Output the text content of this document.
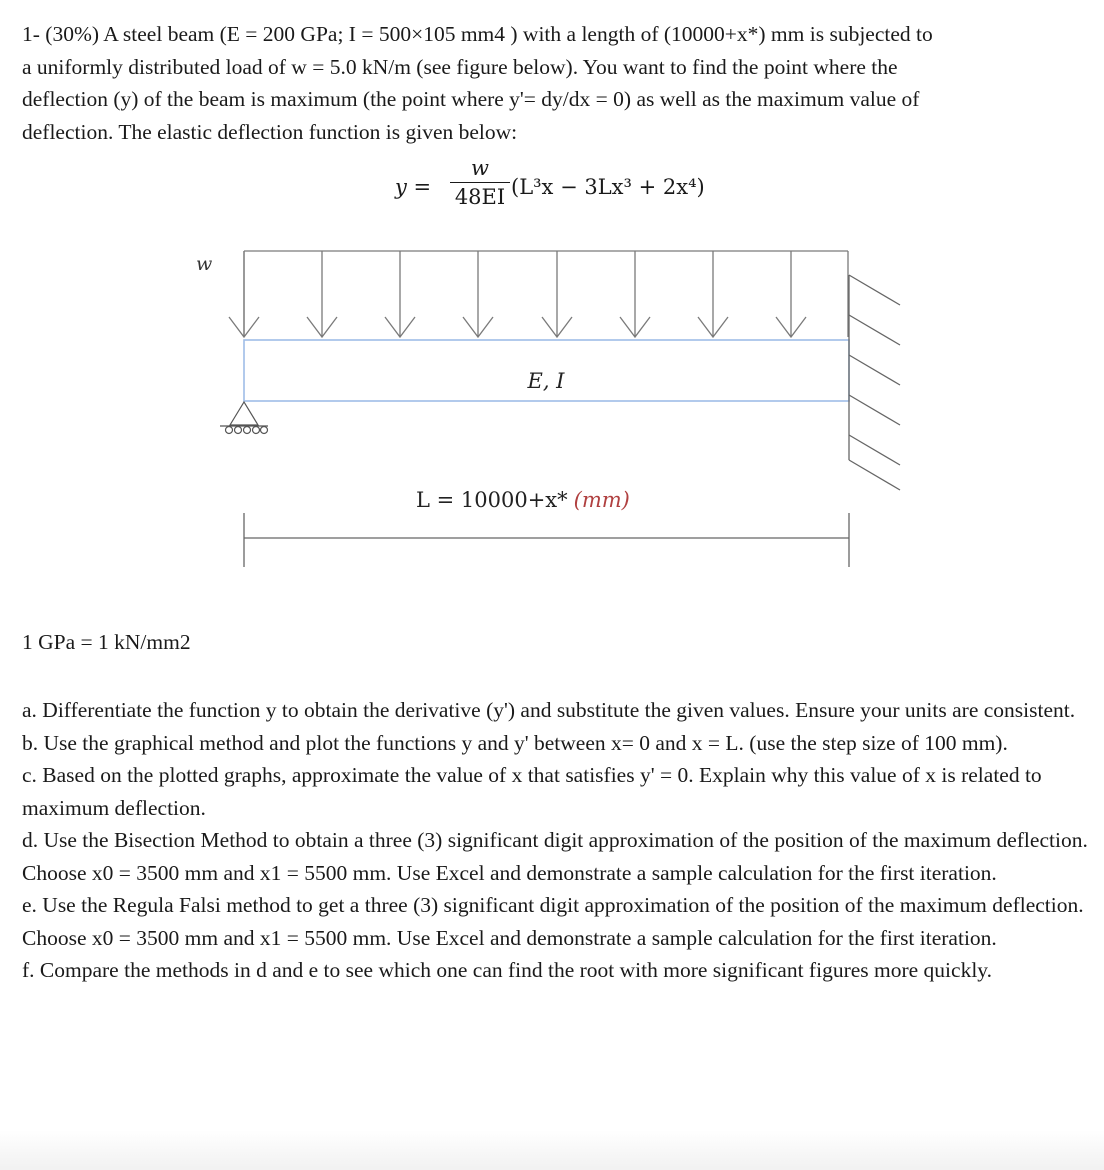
1- (30%) A steel beam (E = 200 GPa; I = 500×105 mm4 ) with a length of (10000+x*) mm is subjected to
a uniformly distributed load of w = 5.0 kN/m (see figure below). You want to find the point where the
deflection (y) of the beam is maximum (the point where y'= dy/dx = 0) as well as the maximum value of
deflection. The elastic deflection function is given below:
y =
w
48EI (L³x − 3Lx³ + 2x⁴)
w
E, I
L = 10000+x* (mm)
1 GPa = 1 kN/mm2

a. Differentiate the function y to obtain the derivative (y') and substitute the given values. Ensure your units are consistent.

b. Use the graphical method and plot the functions y and y' between x= 0 and x = L. (use the step size of 100 mm).

c. Based on the plotted graphs, approximate the value of x that satisfies y' = 0. Explain why this value of x is related to maximum deflection.

d. Use the Bisection Method to obtain a three (3) significant digit approximation of the position of the maximum deflection. Choose x0 = 3500 mm and x1 = 5500 mm. Use Excel and demonstrate a sample calculation for the first iteration.

e. Use the Regula Falsi method to get a three (3) significant digit approximation of the position of the maximum deflection. Choose x0 = 3500 mm and x1 = 5500 mm. Use Excel and demonstrate a sample calculation for the first iteration.

f. Compare the methods in d and e to see which one can find the root with more significant figures more quickly.
